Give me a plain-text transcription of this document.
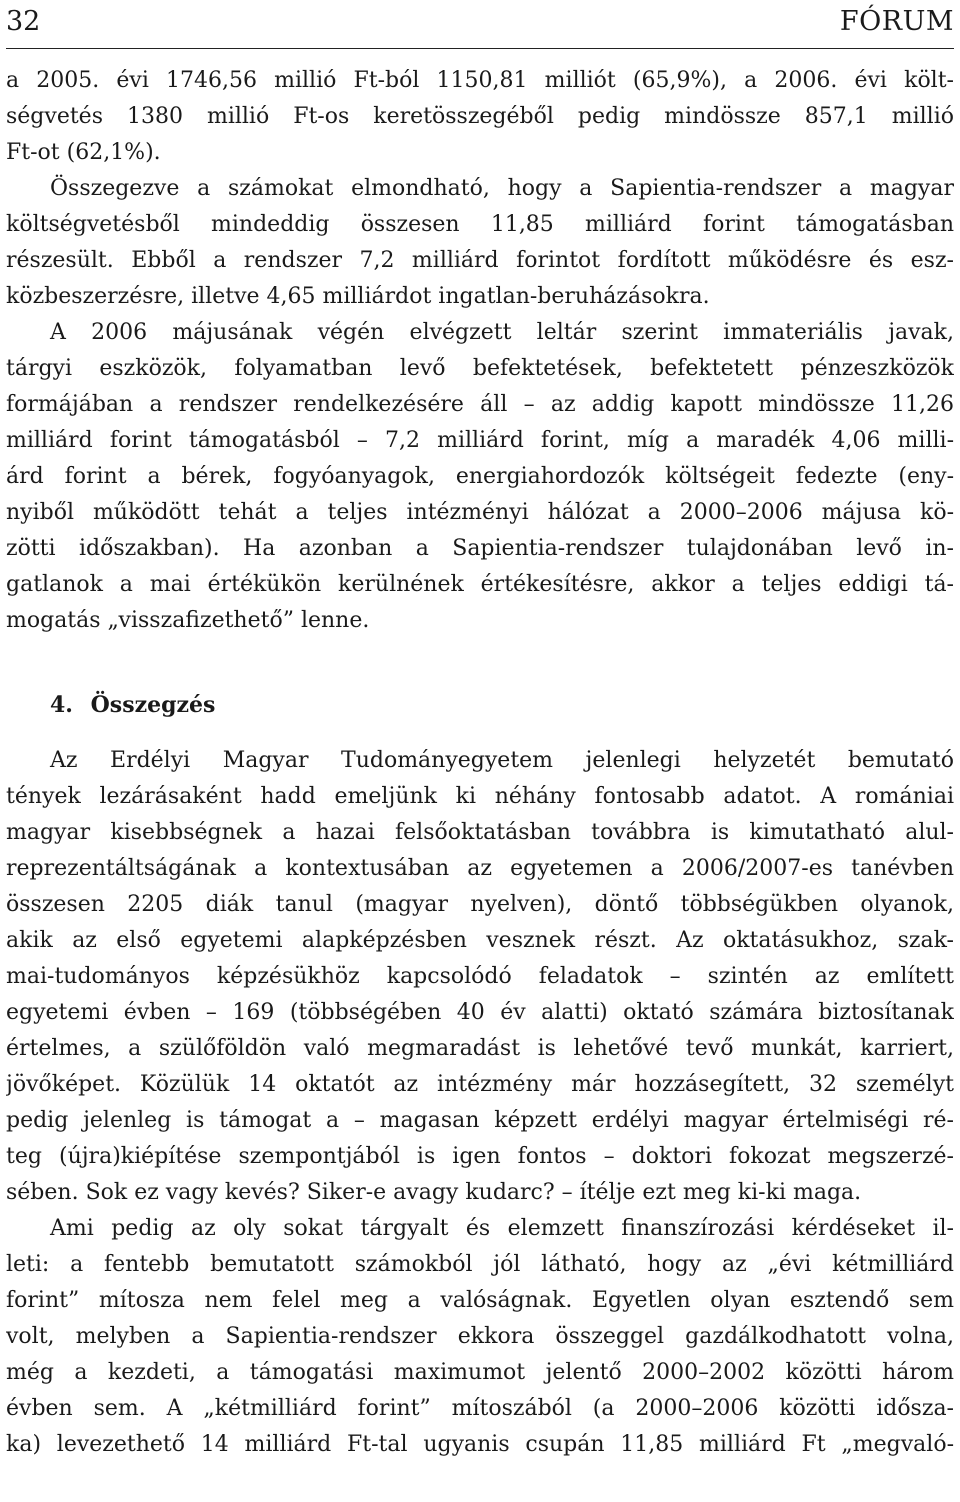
32	FÓRUM
a 2005. évi 1746,56 millió Ft-ból 1150,81 milliót (65,9%), a 2006. évi költ-
ségvetés 1380 millió Ft-os keretösszegéből pedig mindössze 857,1 millió
Ft-ot (62,1%).
Összegezve a számokat elmondható, hogy a Sapientia-rendszer a magyar
költségvetésből mindeddig összesen 11,85 milliárd forint támogatásban
részesült. Ebből a rendszer 7,2 milliárd forintot fordított működésre és esz-
közbeszerzésre, illetve 4,65 milliárdot ingatlan-beruházásokra.
A 2006 májusának végén elvégzett leltár szerint immateriális javak,
tárgyi eszközök, folyamatban levő befektetések, befektetett pénzeszközök
formájában a rendszer rendelkezésére áll – az addig kapott mindössze 11,26
milliárd forint támogatásból – 7,2 milliárd forint, míg a maradék 4,06 milli-
árd forint a bérek, fogyóanyagok, energiahordozók költségeit fedezte (eny-
nyiből működött tehát a teljes intézményi hálózat a 2000–2006 májusa kö-
zötti időszakban). Ha azonban a Sapientia-rendszer tulajdonában levő in-
gatlanok a mai értékükön kerülnének értékesítésre, akkor a teljes eddigi tá-
mogatás „visszafizethető” lenne.
4. Összegzés
Az Erdélyi Magyar Tudományegyetem jelenlegi helyzetét bemutató
tények lezárásaként hadd emeljünk ki néhány fontosabb adatot. A romániai
magyar kisebbségnek a hazai felsőoktatásban továbbra is kimutatható alul-
reprezentáltságának a kontextusában az egyetemen a 2006/2007-es tanévben
összesen 2205 diák tanul (magyar nyelven), döntő többségükben olyanok,
akik az első egyetemi alapképzésben vesznek részt. Az oktatásukhoz, szak-
mai-tudományos képzésükhöz kapcsolódó feladatok – szintén az említett
egyetemi évben – 169 (többségében 40 év alatti) oktató számára biztosítanak
értelmes, a szülőföldön való megmaradást is lehetővé tevő munkát, karriert,
jövőképet. Közülük 14 oktatót az intézmény már hozzásegített, 32 személyt
pedig jelenleg is támogat a – magasan képzett erdélyi magyar értelmiségi ré-
teg (újra)kiépítése szempontjából is igen fontos – doktori fokozat megszerzé-
sében. Sok ez vagy kevés? Siker-e avagy kudarc? – ítélje ezt meg ki-ki maga.
Ami pedig az oly sokat tárgyalt és elemzett finanszírozási kérdéseket il-
leti: a fentebb bemutatott számokból jól látható, hogy az „évi kétmilliárd
forint” mítosza nem felel meg a valóságnak. Egyetlen olyan esztendő sem
volt, melyben a Sapientia-rendszer ekkora összeggel gazdálkodhatott volna,
még a kezdeti, a támogatási maximumot jelentő 2000–2002 közötti három
évben sem. A „kétmilliárd forint” mítoszából (a 2000–2006 közötti idősza-
ka) levezethető 14 milliárd Ft-tal ugyanis csupán 11,85 milliárd Ft „megvaló-
